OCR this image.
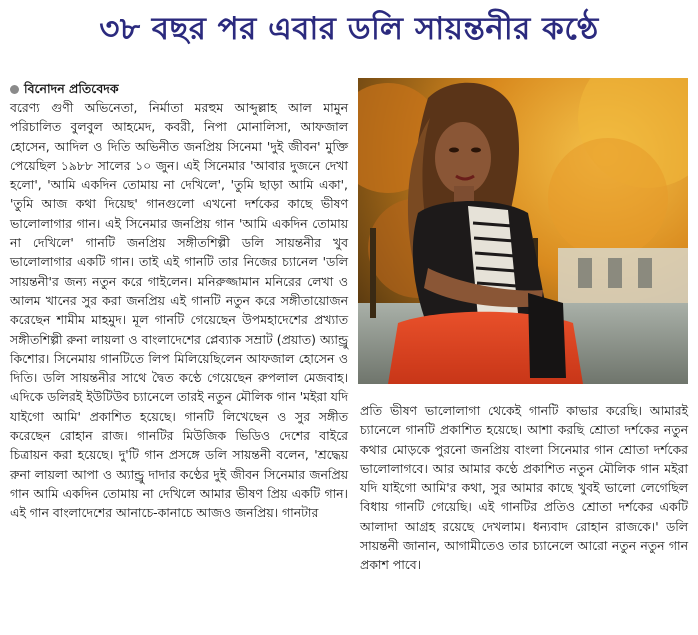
৩৮ বছর পর এবার ডলি সায়ন্তনীর কণ্ঠে
বিনোদন প্রতিবেদক
বরেণ্য গুণী অভিনেতা, নির্মাতা মরহুম আব্দুল্লাহ আল মামুন পরিচালিত বুলবুল আহমেদ, কবরী, নিপা মোনালিসা, আফজাল হোসেন, আদিল ও দিতি অভিনীত জনপ্রিয় সিনেমা 'দুই জীবন' মুক্তি পেয়েছিল ১৯৮৮ সালের ১০ জুন। এই সিনেমার 'আবার দুজনে দেখা হলো', 'আমি একদিন তোমায় না দেখিলে', 'তুমি ছাড়া আমি একা', 'তুমি আজ কথা দিয়েছ' গানগুলো এখনো দর্শকের কাছে ভীষণ ভালোলাগার গান। এই সিনেমার জনপ্রিয় গান 'আমি একদিন তোমায় না দেখিলে' গানটি জনপ্রিয় সঙ্গীতশিল্পী ডলি সায়ন্তনীর খুব ভালোলাগার একটি গান। তাই এই গানটি তার নিজের চ্যানেল 'ডলি সায়ন্তনী'র জন্য নতুন করে গাইলেন। মনিরুজ্জামান মনিরের লেখা ও আলম খানের সুর করা জনপ্রিয় এই গানটি নতুন করে সঙ্গীতায়োজন করেছেন শামীম মাহমুদ। মূল গানটি গেয়েছেন উপমহাদেশের প্রখ্যাত সঙ্গীতশিল্পী রুনা লায়লা ও বাংলাদেশের প্লেব্যাক সম্রাট (প্রয়াত) অ্যান্ড্রু কিশোর। সিনেমায় গানটিতে লিপ মিলিয়েছিলেন আফজাল হোসেন ও দিতি। ডলি সায়ন্তনীর সাথে দ্বৈত কণ্ঠে গেয়েছেন রুপলাল মেজবাহ। এদিকে ডলিরই ইউটিউব চ্যানেলে তারই নতুন মৌলিক গান 'মইরা যদি যাইগো আমি' প্রকাশিত হয়েছে। গানটি লিখেছেন ও সুর সঙ্গীত করেছেন রোহান রাজ। গানটির মিউজিক ভিডিও দেশের বাইরে চিত্রায়ন করা হয়েছে। দু'টি গান প্রসঙ্গে ডলি সায়ন্তনী বলেন, 'শ্রদ্ধেয় রুনা লায়লা আপা ও অ্যান্ড্রু দাদার কণ্ঠের দুই জীবন সিনেমার জনপ্রিয় গান আমি একদিন তোমায় না দেখিলে আমার ভীষণ প্রিয় একটি গান। এই গান বাংলাদেশের আনাচে-কানাচে আজও জনপ্রিয়। গানটার
প্রতি ভীষণ ভালোলাগা থেকেই গানটি কাভার করেছি। আমারই চ্যানেলে গানটি প্রকাশিত হয়েছে। আশা করছি শ্রোতা দর্শকের নতুন কথার মোড়কে পুরনো জনপ্রিয় বাংলা সিনেমার গান শ্রোতা দর্শকের ভালোলাগবে। আর আমার কণ্ঠে প্রকাশিত নতুন মৌলিক গান মইরা যদি যাইগো আমি'র কথা, সুর আমার কাছে খুবই ভালো লেগেছিল বিধায় গানটি গেয়েছি। এই গানটির প্রতিও শ্রোতা দর্শকের একটি আলাদা আগ্রহ রয়েছে দেখলাম। ধন্যবাদ রোহান রাজকে।' ডলি সায়ন্তনী জানান, আগামীতেও তার চ্যানেলে আরো নতুন নতুন গান প্রকাশ পাবে।
